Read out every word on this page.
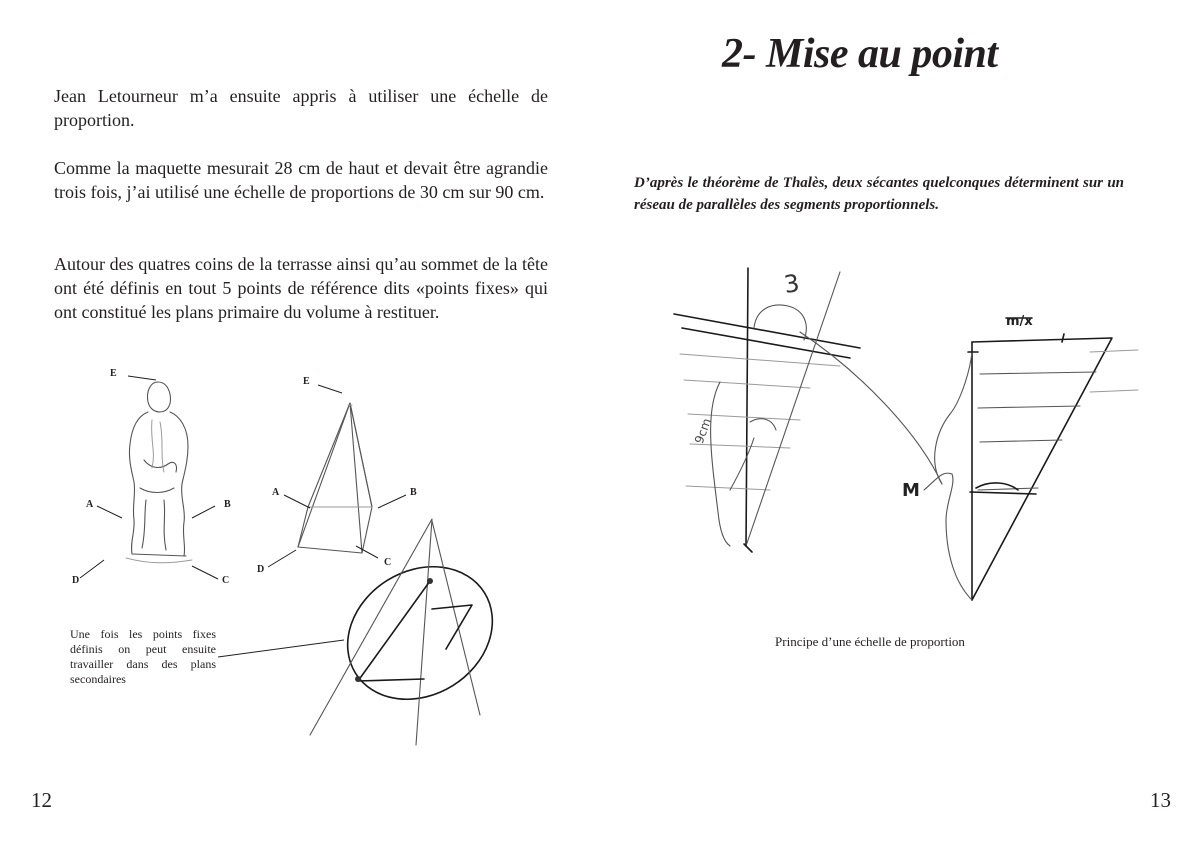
Jean Letourneur m’a ensuite appris à utiliser une échelle de proportion.

Comme la maquette mesurait 28 cm de haut et devait être agrandie trois fois, j’ai utilisé une échelle de proportions de 30 cm sur 90 cm.

Autour des quatres coins de la terrasse ainsi qu’au sommet de la tête ont été définis en tout 5 points de référence dits «points fixes» qui ont constitué les plans primaire du volume à restituer.

E
A	B
D	C
E
A	B
C
D

Une fois les points fixes définis on peut ensuite travailler dans des plans secondaires

12
2- Mise au point

D’après le théorème de Thalès, deux sécantes quelconques déterminent sur un réseau de parallèles des segments proportionnels.

3
m/x
9cm
M

Principe d’une échelle de proportion

13
